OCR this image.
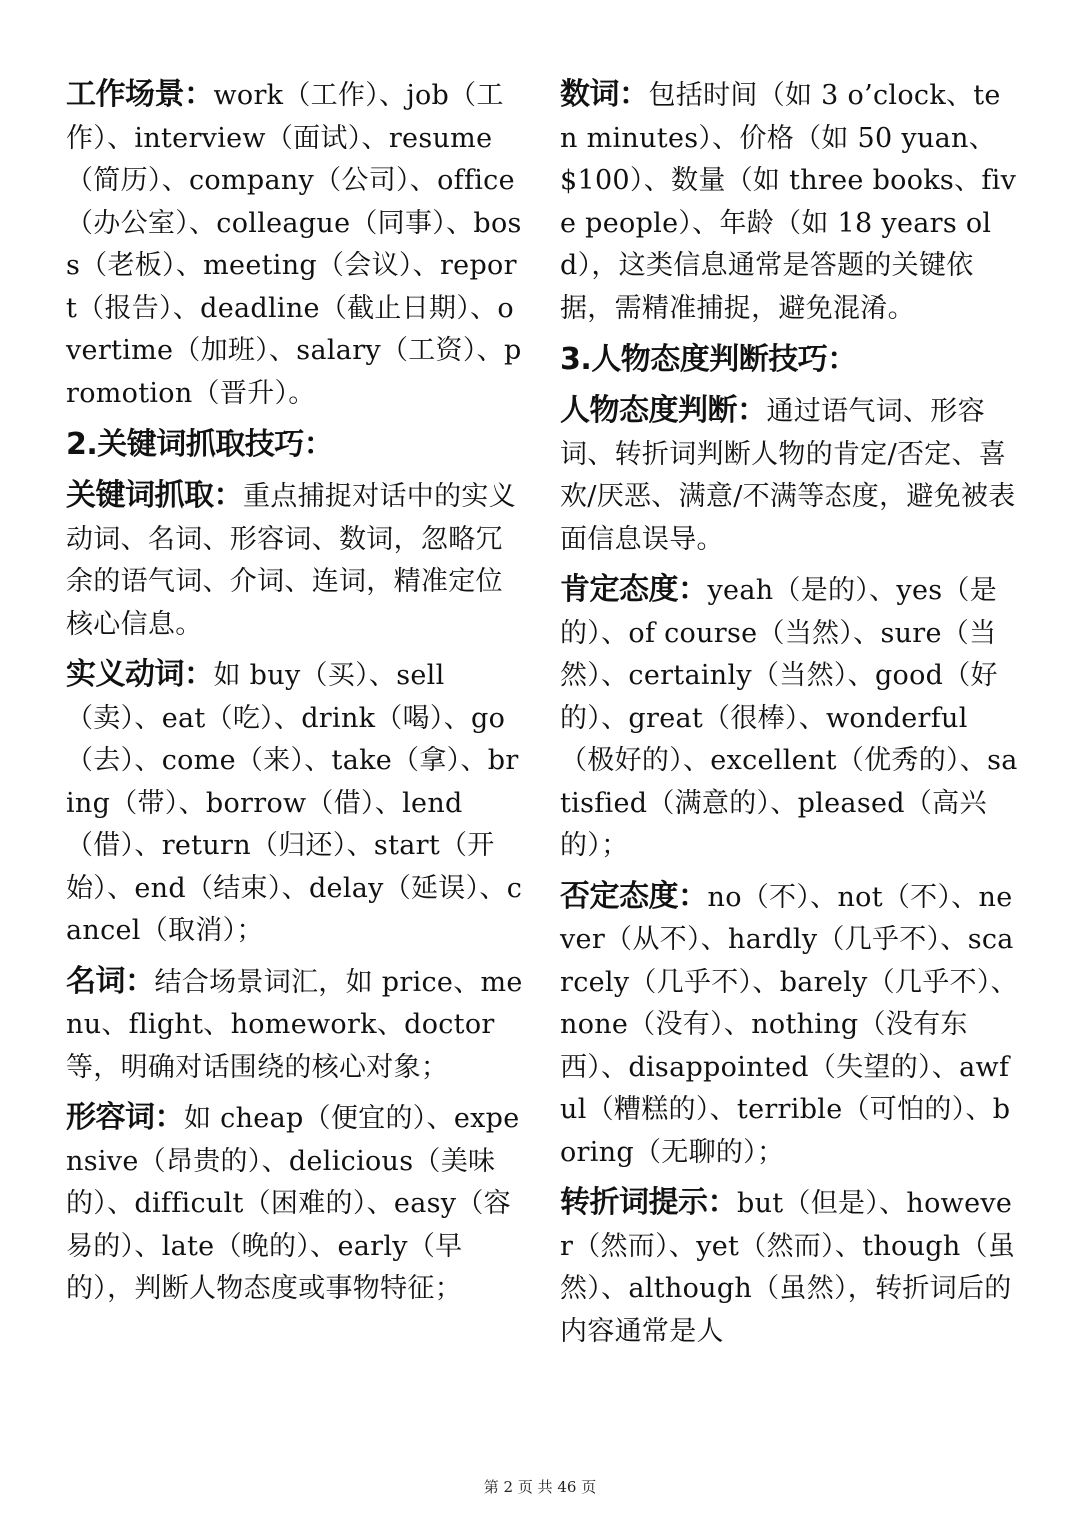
工作场景：work（工作）、job（工作）、interview（面试）、resume（简历）、company（公司）、office（办公室）、colleague（同事）、boss（老板）、meeting（会议）、report（报告）、deadline（截止日期）、overtime（加班）、salary（工资）、promotion（晋升）。

2.关键词抓取技巧：

关键词抓取：重点捕捉对话中的实义动词、名词、形容词、数词，忽略冗余的语气词、介词、连词，精准定位核心信息。

实义动词：如 buy（买）、sell（卖）、eat（吃）、drink（喝）、go（去）、come（来）、take（拿）、bring（带）、borrow（借）、lend（借）、return（归还）、start（开始）、end（结束）、delay（延误）、cancel（取消）；

名词：结合场景词汇，如 price、menu、flight、homework、doctor 等，明确对话围绕的核心对象；

形容词：如 cheap（便宜的）、expensive（昂贵的）、delicious（美味的）、difficult（困难的）、easy（容易的）、late（晚的）、early（早的），判断人物态度或事物特征；

数词：包括时间（如 3 o’clock、ten minutes）、价格（如 50 yuan、$100）、数量（如 three books、five people）、年龄（如 18 years old），这类信息通常是答题的关键依据，需精准捕捉，避免混淆。

3.人物态度判断技巧：

人物态度判断：通过语气词、形容词、转折词判断人物的肯定/否定、喜欢/厌恶、满意/不满等态度，避免被表面信息误导。

肯定态度：yeah（是的）、yes（是的）、of course（当然）、sure（当然）、certainly（当然）、good（好的）、great（很棒）、wonderful（极好的）、excellent（优秀的）、satisfied（满意的）、pleased（高兴的）；

否定态度：no（不）、not（不）、never（从不）、hardly（几乎不）、scarcely（几乎不）、barely（几乎不）、none（没有）、nothing（没有东西）、disappointed（失望的）、awful（糟糕的）、terrible（可怕的）、boring（无聊的）；

转折词提示：but（但是）、however（然而）、yet（然而）、though（虽然）、although（虽然），转折词后的内容通常是人

第 2 页 共 46 页
